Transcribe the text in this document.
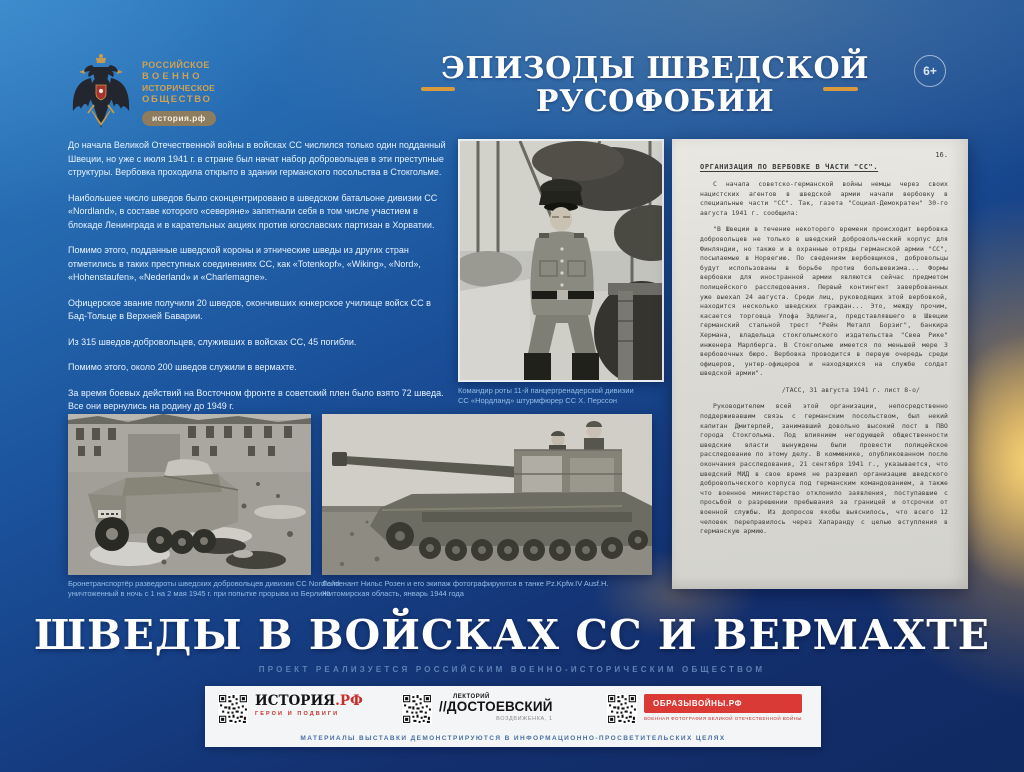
РОССИЙСКОЕ
ВОЕННО
ИСТОРИЧЕСКОЕ
ОБЩЕСТВО
история.рф
ЭПИЗОДЫ ШВЕДСКОЙ
РУСОФОБИИ
6+

До начала Великой Отечественной войны в войсках СС числился только один подданный Швеции, но уже с июля 1941 г. в стране был начат набор добровольцев в эти преступные структуры. Вербовка проходила открыто в здании германского посольства в Стокгольме.

Наибольшее число шведов было сконцентрировано в шведском батальоне дивизии СС «Nordland», в составе которого «северяне» запятнали себя в том числе участием в блокаде Ленинграда и в карательных акциях против югославских партизан в Хорватии.

Помимо этого, подданные шведской короны и этнические шведы из других стран отметились в таких преступных соединениях СС, как «Totenkopf», «Wiking», «Nord», «Hohenstaufen», «Nederland» и «Charlemagne».

Офицерское звание получили 20 шведов, окончивших юнкерское училище войск СС в Бад-Тольце в Верхней Баварии.

Из 315 шведов-добровольцев, служивших в войсках СС, 45 погибли.

Помимо этого, около 200 шведов служили в вермахте.

За время боевых действий на Восточном фронте в советский плен было взято 72 шведа. Все они вернулись на родину до 1949 г.

Командир роты 11-й панцергренадерской дивизии
СС «Нордланд» штурмфюрер СС Х. Перссон
16.
ОРГАНИЗАЦИЯ ПО ВЕРБОВКЕ В ЧАСТИ "СС".

С начала советско-германской войны немцы через своих нацистских агентов в шведской армии начали вербовку в специальные части "СС". Так, газета "Социал-Демократен" 30-го августа 1941 г. сообщила:

"В Швеции в течение некоторого времени происходит вербовка добровольцев не только в шведский добровольческий корпус для Финляндии, но также и в охранные отряды германской армии "СС", посылаемые в Норвегию. По сведениям вербовщиков, добровольцы будут использованы в борьбе против большевизма... Формы вербовки для иностранной армии являются сейчас предметом полицейского расследования. Первый контингент завербованных уже выехал 24 августа. Среди лиц, руководящих этой вербовкой, находится несколько шведских граждан... Это, между прочим, касается торговца Улофа Эдлинга, представлявшего в Швеции германский стальной трест "Рейн Металл Борзиг", банкира Хермана, владельца стокгольмского издательства "Свеа Рике" инженера Марлберга. В Стокгольме имеется по меньшей мере 3 вербовочных бюро. Вербовка проводится в первую очередь среди офицеров, унтер-офицеров и находящихся на службе солдат шведской армии".

/ТАСС, 31 августа 1941 г. лист 8-о/

Руководителем всей этой организации, непосредственно поддерживавшим связь с германским посольством, был некий капитан Дмитерлей, занимавший довольно высокий пост в ПВО города Стокгольма. Под влиянием негодующей общественности шведские власти вынуждены были провести полицейское расследование по этому делу. В коммюнике, опубликованном после окончания расследования, 21 сентября 1941 г., указывается, что шведский МИД в свое время не разрешил организацию шведского добровольческого корпуса под германским командованием, а также что военное министерство отклонило заявления, поступавшие с просьбой о разрешении пребывания за границей и отсрочки от военной службы. Из допросов якобы выяснилось, что всего 12 человек переправилось через Хапаранду с целью вступления в германскую армию.

Бронетранспортёр разведроты шведских добровольцев дивизии СС Nordland
уничтоженный в ночь с 1 на 2 мая 1945 г. при попытке прорыва из Берлина
Лейтенант Нильс Розен и его экипаж фотографируются в танке Pz.Kpfw.IV Ausf.H.
Житомирская область, январь 1944 года
ШВЕДЫ В ВОЙСКАХ СС И ВЕРМАХТЕ
ПРОЕКТ РЕАЛИЗУЕТСЯ РОССИЙСКИМ ВОЕННО-ИСТОРИЧЕСКИМ ОБЩЕСТВОМ
ИСТОРИЯ.РФ
ГЕРОИ И ПОДВИГИ
ЛЕКТОРИЙ
//ДОСТОЕВСКИЙ
ВОЗДВИЖЕНКА, 1
ОБРАЗЫВОЙНЫ.РФ
ВОЕННАЯ ФОТОГРАФИЯ ВЕЛИКОЙ ОТЕЧЕСТВЕННОЙ ВОЙНЫ
МАТЕРИАЛЫ ВЫСТАВКИ ДЕМОНСТРИРУЮТСЯ В ИНФОРМАЦИОННО-ПРОСВЕТИТЕЛЬСКИХ ЦЕЛЯХ
